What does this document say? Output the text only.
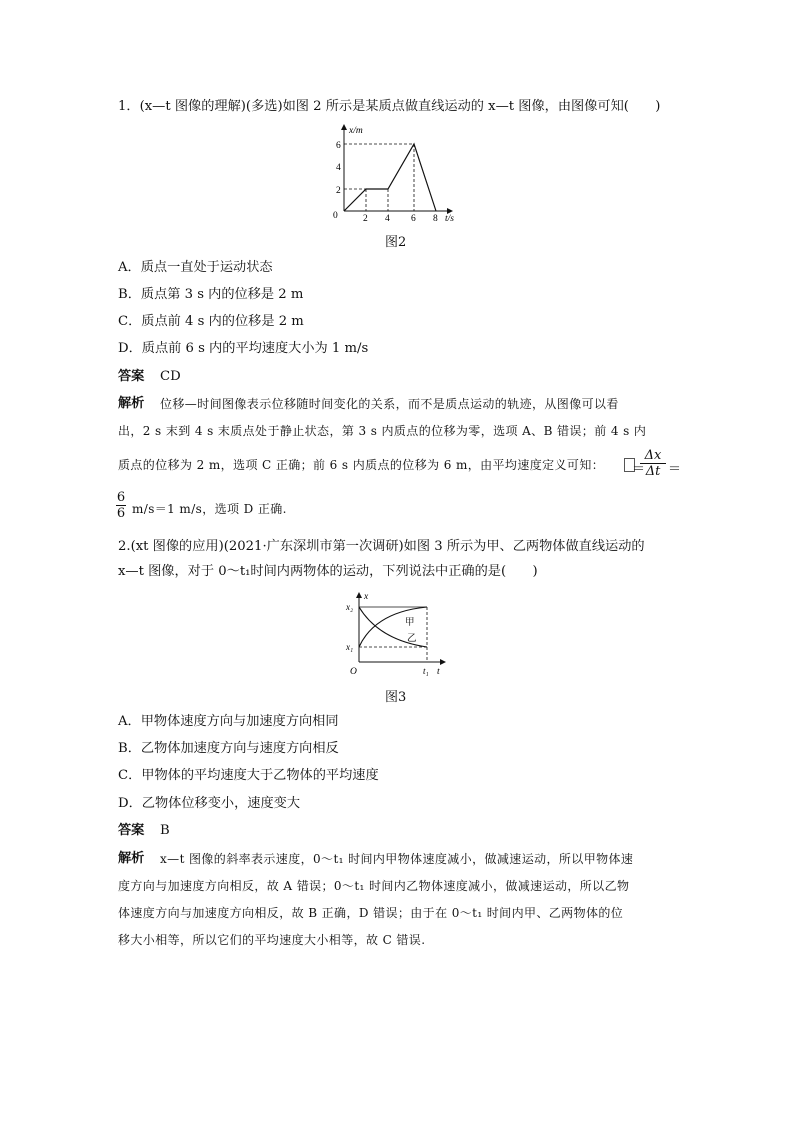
1．(x—t 图像的理解)(多选)如图 2 所示是某质点做直线运动的 x—t 图像，由图像可知(　　)
x/m
2
4
6
0	2 4 6 8 t/s
图2
A．质点一直处于运动状态
B．质点第 3 s 内的位移是 2 m
C．质点前 4 s 内的位移是 2 m
D．质点前 6 s 内的平均速度大小为 1 m/s
答案 CD
解析 位移—时间图像表示位移随时间变化的关系，而不是质点运动的轨迹，从图像可以看
出，2 s 末到 4 s 末质点处于静止状态，第 3 s 内质点的位移为零，选项 A、B 错误；前 4 s 内
质点的位移为 2 m，选项 C 正确；前 6 s 内质点的位移为 6 m，由平均速度定义可知： ＝
Δx
Δt ＝
$\frac{6}{6} m/s=1$ m/s，选项 D 正确.
2.(xt 图像的应用)(2021·广东深圳市第一次调研)如图 3 所示为甲、乙两物体做直线运动的
x—t 图像，对于 0～t₁时间内两物体的运动，下列说法中正确的是(　　)
x
x₂
x₁
O	t₁ t
甲
乙
图3
A．甲物体速度方向与加速度方向相同
B．乙物体加速度方向与速度方向相反
C．甲物体的平均速度大于乙物体的平均速度
D．乙物体位移变小，速度变大
答案 B
解析 x—t 图像的斜率表示速度，0～t₁ 时间内甲物体速度减小，做减速运动，所以甲物体速
度方向与加速度方向相反，故 A 错误；0～t₁ 时间内乙物体速度减小，做减速运动，所以乙物
体速度方向与加速度方向相反，故 B 正确，D 错误；由于在 0～t₁ 时间内甲、乙两物体的位
移大小相等，所以它们的平均速度大小相等，故 C 错误.
